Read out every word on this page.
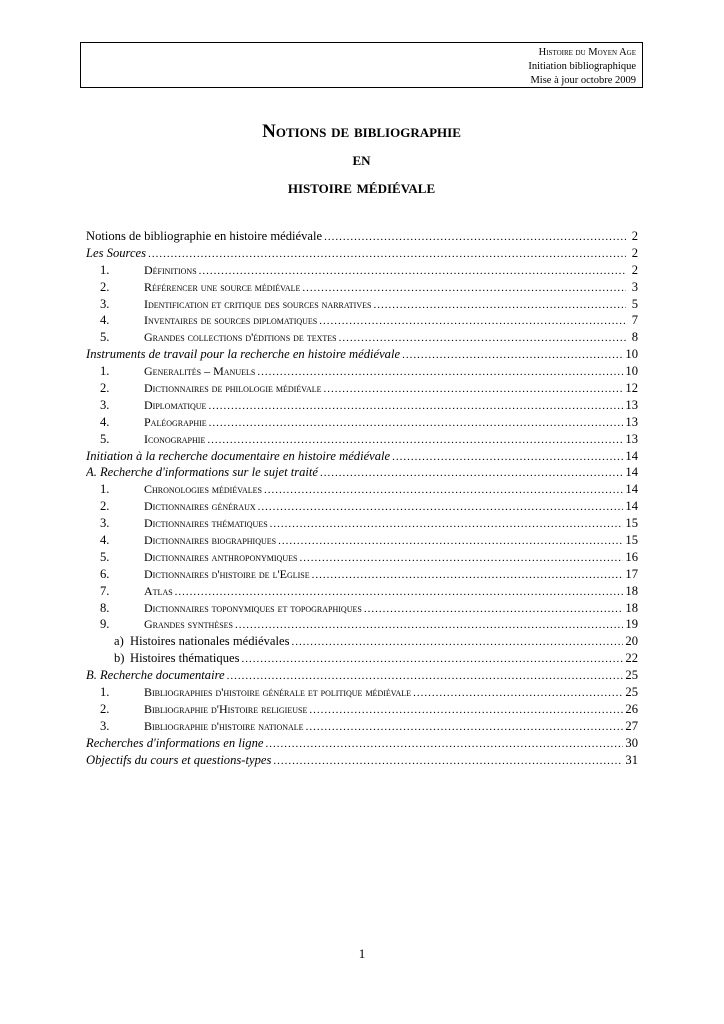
Histoire du Moyen Age
Initiation bibliographique
Mise à jour octobre 2009
Notions de bibliographie
en
histoire médiévale
Notions de bibliographie en histoire médiévale .....	2
Les Sources .....	2
1.	Définitions .....	2
2.	Référencer une source médiévale .....	3
3.	Identification et critique des sources narratives .....	5
4.	Inventaires de sources diplomatiques .....	7
5.	Grandes collections d'éditions de textes .....	8
Instruments de travail pour la recherche en histoire médiévale .....	10
1.	Generalités – Manuels .....	10
2.	Dictionnaires de philologie médiévale .....	12
3.	Diplomatique .....	13
4.	Paléographie .....	13
5.	Iconographie .....	13
Initiation à la recherche documentaire en histoire médiévale .....	14
A. Recherche d'informations sur le sujet traité .....	14
1.	Chronologies médiévales .....	14
2.	Dictionnaires généraux .....	14
3.	Dictionnaires thématiques .....	15
4.	Dictionnaires biographiques .....	15
5.	Dictionnaires anthroponymiques .....	16
6.	Dictionnaires d'histoire de l'Eglise .....	17
7.	Atlas .....	18
8.	Dictionnaires toponymiques et topographiques .....	18
9.	Grandes synthèses .....	19
a) Histoires nationales médiévales .....	20
b) Histoires thématiques .....	22
B. Recherche documentaire .....	25
1.	Bibliographies d'histoire générale et politique médiévale .....	25
2.	Bibliographie d'Histoire religieuse .....	26
3.	Bibliographie d'histoire nationale .....	27
Recherches d'informations en ligne .....	30
Objectifs du cours et questions-types .....	31
1
